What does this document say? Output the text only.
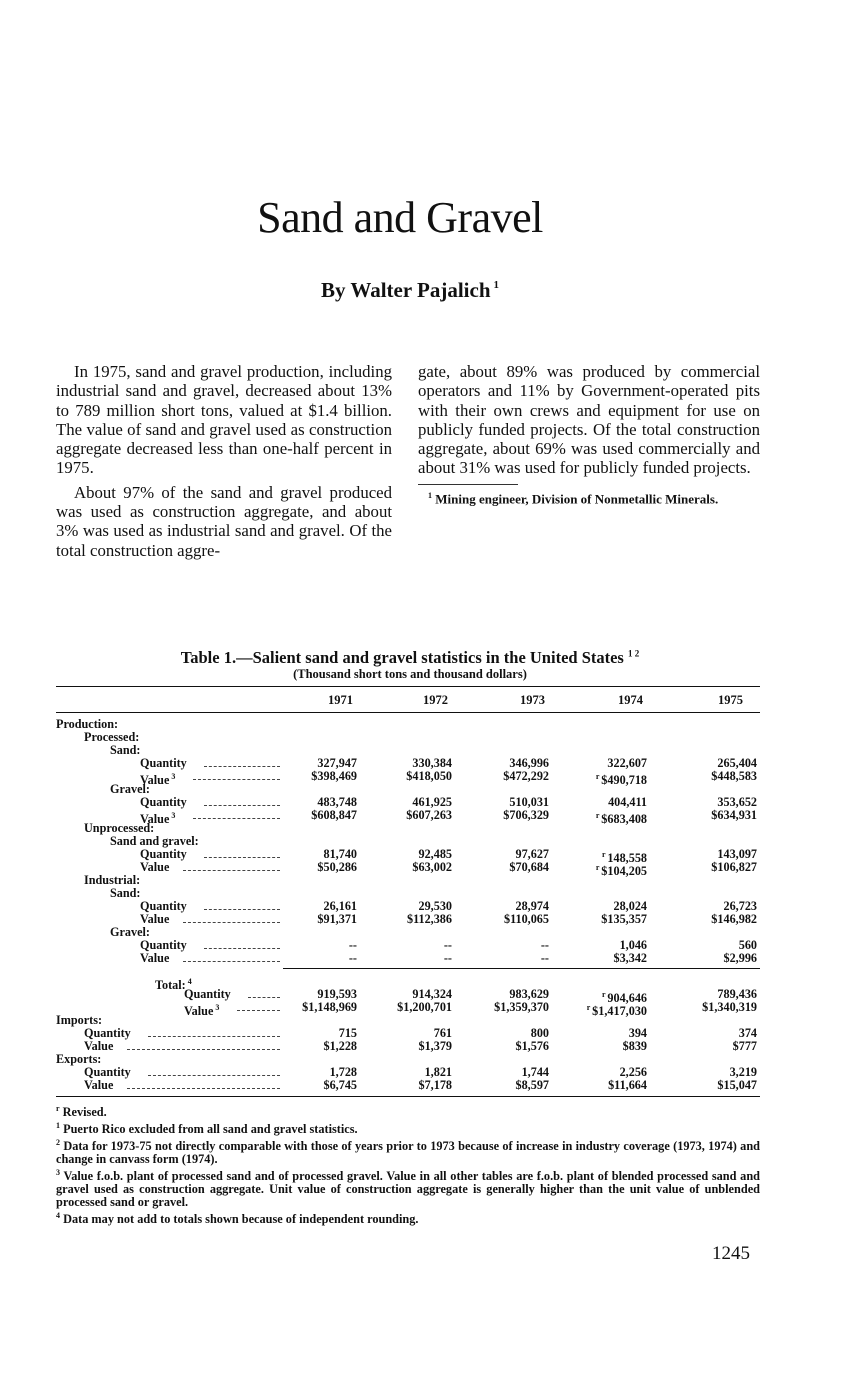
Sand and Gravel
By Walter Pajalich $^1$

In 1975, sand and gravel production, including industrial sand and gravel, decreased about 13% to 789 million short tons, valued at $1.4 billion. The value of sand and gravel used as construction aggregate decreased less than one-half percent in 1975.

About 97% of the sand and gravel produced was used as construction aggregate, and about 3% was used as industrial sand and gravel. Of the total construction aggre-

gate, about 89% was produced by commercial operators and 11% by Government-operated pits with their own crews and equipment for use on publicly funded projects. Of the total construction aggregate, about 69% was used commercially and about 31% was used for publicly funded projects.

$^1$ Mining engineer, Division of Nonmetallic Minerals.
Table 1.—Salient sand and gravel statistics in the United States $^{1 2}$
(Thousand short tons and thousand dollars)
1971	1972	1973	1974	1975
Production:
Processed:
Sand:
Quantity	327,947	330,384	346,996	322,607	265,404
Value $^3$	$398,469	$418,050	$472,292	$^r$ $490,718	$448,583
Gravel:
Quantity	483,748	461,925	510,031	404,411	353,652
Value $^3$	$608,847	$607,263	$706,329	$^r$ $683,408	$634,931
Unprocessed:
Sand and gravel:
Quantity	81,740	92,485	97,627	$^r$ 148,558	143,097
Value	$50,286	$63,002	$70,684	$^r$ $104,205	$106,827
Industrial:
Sand:
Quantity	26,161	29,530	28,974	28,024	26,723
Value	$91,371	$112,386	$110,065	$135,357	$146,982
Gravel:
Quantity	--	--	--	1,046	560
Value	--	--	--	$3,342	$2,996
Total: $^4$
Quantity	919,593	914,324	983,629	$^r$ 904,646	789,436
Value $^3$	$1,148,969	$1,200,701	$1,359,370	$^r$ $1,417,030	$1,340,319
Imports:
Quantity	715	761	800	394	374
Value	$1,228	$1,379	$1,576	$839	$777
Exports:
Quantity	1,728	1,821	1,744	2,256	3,219
Value	$6,745	$7,178	$8,597	$11,664	$15,047
$^r$ Revised.
$^1$ Puerto Rico excluded from all sand and gravel statistics.
$^2$ Data for 1973-75 not directly comparable with those of years prior to 1973 because of increase in industry coverage (1973, 1974) and change in canvass form (1974).
$^3$ Value f.o.b. plant of processed sand and of processed gravel. Value in all other tables are f.o.b. plant of blended processed sand and gravel used as construction aggregate. Unit value of construction aggregate is generally higher than the unit value of unblended processed sand or gravel.
$^4$ Data may not add to totals shown because of independent rounding.
1245
